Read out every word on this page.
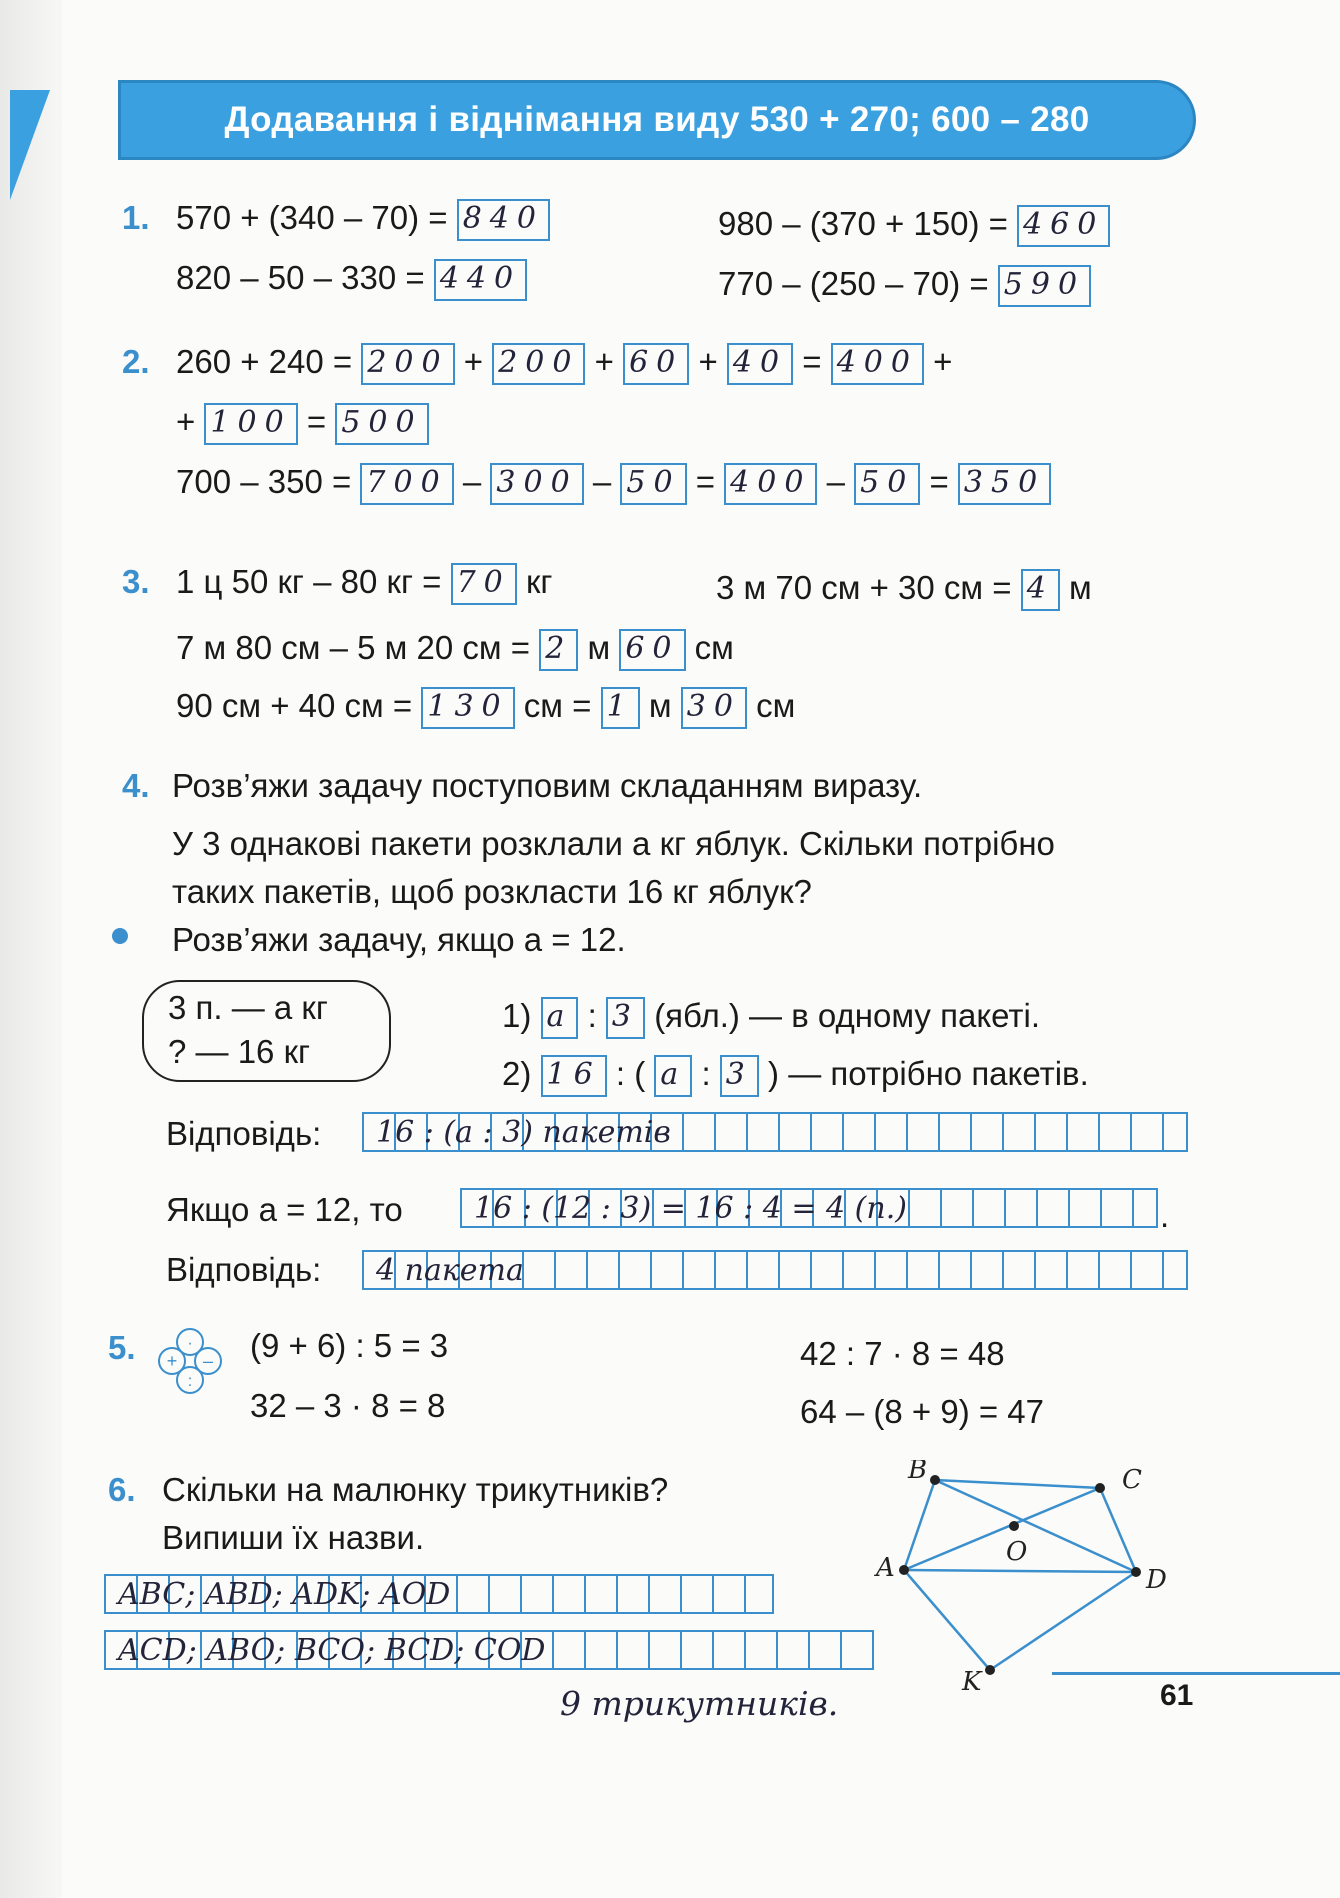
Додавання і віднімання виду 530 + 270; 600 – 280
1. 570 + (340 – 70) = 840
820 – 50 – 330 = 440
980 – (370 + 150) = 460
770 – (250 – 70) = 590
2. 260 + 240 = 200 + 200 + 60 + 40 = 400 +
+ 100 = 500
700 – 350 = 700 – 300 – 50 = 400 – 50 = 350
3. 1 ц 50 кг – 80 кг = 70 кг	3 м 70 см + 30 см = 4 м
7 м 80 см – 5 м 20 см = 2 м 60 см
90 см + 40 см = 130 см = 1 м 30 см
4. Розв’яжи задачу поступовим складанням виразу.
У 3 однакові пакети розклали a кг яблук. Скільки потрібно
таких пакетів, щоб розкласти 16 кг яблук?
Розв’яжи задачу, якщо a = 12.
3 п. — a кг
? — 16 кг
1) a : 3 (ябл.) — в одному пакеті.
2) 16 : ( a : 3 ) — потрібно пакетів.
Відповідь: 16 : (a : 3) пакетів
Якщо a = 12, то 16 : (12 : 3) = 16 : 4 = 4 (п.)	.
Відповідь: 4 пакета
5.	·
+ –
:
(9 + 6) : 5 = 3
32 – 3 · 8 = 8
42 : 7 · 8 = 48
64 – (8 + 9) = 47
6. Скільки на малюнку трикутників?
Випиши їх назви.
ABC; ABD; ADK; AOD
ACD; ABO; BCO; BCD; COD
9 трикутників.
B	C
O
A	D
K	61
